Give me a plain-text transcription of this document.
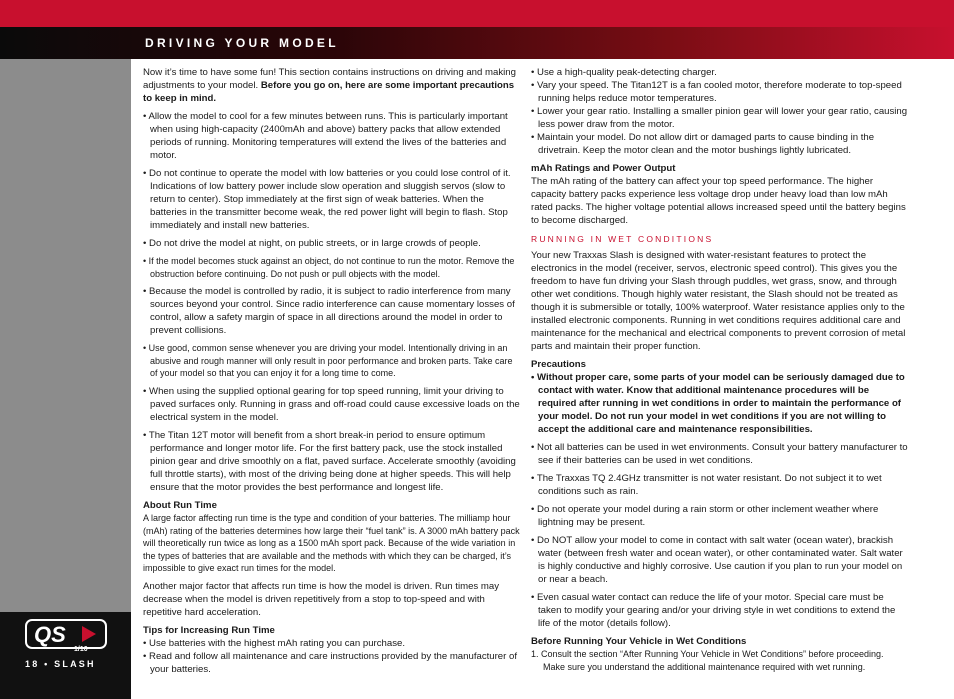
DRIVING YOUR MODEL
QS
1/10
18 • SLASH

Now it’s time to have some fun! This section contains instructions on driving and making adjustments to your model. Before you go on, here are some important precautions to keep in mind.

• Allow the model to cool for a few minutes between runs. This is particularly important when using high-capacity (2400mAh and above) battery packs that allow extended periods of running. Monitoring temperatures will extend the lives of the batteries and motor.

• Do not continue to operate the model with low batteries or you could lose control of it. Indications of low battery power include slow operation and sluggish servos (slow to return to center). Stop immediately at the first sign of weak batteries. When the batteries in the transmitter become weak, the red power light will begin to flash. Stop immediately and install new batteries.

• Do not drive the model at night, on public streets, or in large crowds of people.

• If the model becomes stuck against an object, do not continue to run the motor. Remove the obstruction before continuing. Do not push or pull objects with the model.

• Because the model is controlled by radio, it is subject to radio interference from many sources beyond your control. Since radio interference can cause momentary losses of control, allow a safety margin of space in all directions around the model in order to prevent collisions.

• Use good, common sense whenever you are driving your model. Intentionally driving in an abusive and rough manner will only result in poor performance and broken parts. Take care of your model so that you can enjoy it for a long time to come.

• When using the supplied optional gearing for top speed running, limit your driving to paved surfaces only. Running in grass and off-road could cause excessive loads on the electrical system in the model.

• The Titan 12T motor will benefit from a short break-in period to ensure optimum performance and longer motor life. For the first battery pack, use the stock installed pinion gear and drive smoothly on a flat, paved surface. Accelerate smoothly (avoiding full throttle starts), with most of the driving being done at higher speeds. This will help ensure that the motor provides the best performance and longest life.

About Run Time

A large factor affecting run time is the type and condition of your batteries. The milliamp hour (mAh) rating of the batteries determines how large their “fuel tank” is. A 3000 mAh battery pack will theoretically run twice as long as a 1500 mAh sport pack. Because of the wide variation in the types of batteries that are available and the methods with which they can be charged, it’s impossible to give exact run times for the model.

Another major factor that affects run time is how the model is driven. Run times may decrease when the model is driven repetitively from a stop to top-speed and with repetitive hard acceleration.

Tips for Increasing Run Time

• Use batteries with the highest mAh rating you can purchase.

• Read and follow all maintenance and care instructions provided by the manufacturer of your batteries.

• Use a high-quality peak-detecting charger.

• Vary your speed. The Titan12T is a fan cooled motor, therefore moderate to top-speed running helps reduce motor temperatures.

• Lower your gear ratio. Installing a smaller pinion gear will lower your gear ratio, causing less power draw from the motor.

• Maintain your model. Do not allow dirt or damaged parts to cause binding in the drivetrain. Keep the motor clean and the motor bushings lightly lubricated.

mAh Ratings and Power Output

The mAh rating of the battery can affect your top speed performance. The higher capacity battery packs experience less voltage drop under heavy load than low mAh rated packs. The higher voltage potential allows increased speed until the battery begins to become discharged.

RUNNING IN WET CONDITIONS

Your new Traxxas Slash is designed with water-resistant features to protect the electronics in the model (receiver, servos, electronic speed control). This gives you the freedom to have fun driving your Slash through puddles, wet grass, snow, and through other wet conditions. Though highly water resistant, the Slash should not be treated as though it is submersible or totally, 100% waterproof. Water resistance applies only to the installed electronic components. Running in wet conditions requires additional care and maintenance for the mechanical and electrical components to prevent corrosion of metal parts and maintain their proper function.

Precautions

• Without proper care, some parts of your model can be seriously damaged due to contact with water. Know that additional maintenance procedures will be required after running in wet conditions in order to maintain the performance of your model. Do not run your model in wet conditions if you are not willing to accept the additional care and maintenance responsibilities.

• Not all batteries can be used in wet environments. Consult your battery manufacturer to see if their batteries can be used in wet conditions.

• The Traxxas TQ 2.4GHz transmitter is not water resistant. Do not subject it to wet conditions such as rain.

• Do not operate your model during a rain storm or other inclement weather where lightning may be present.

• Do NOT allow your model to come in contact with salt water (ocean water), brackish water (between fresh water and ocean water), or other contaminated water. Salt water is highly conductive and highly corrosive. Use caution if you plan to run your model on or near a beach.

• Even casual water contact can reduce the life of your motor. Special care must be taken to modify your gearing and/or your driving style in wet conditions to extend the life of the motor (details follow).

Before Running Your Vehicle in Wet Conditions

1. Consult the section “After Running Your Vehicle in Wet Conditions” before proceeding. Make sure you understand the additional maintenance required with wet running.
